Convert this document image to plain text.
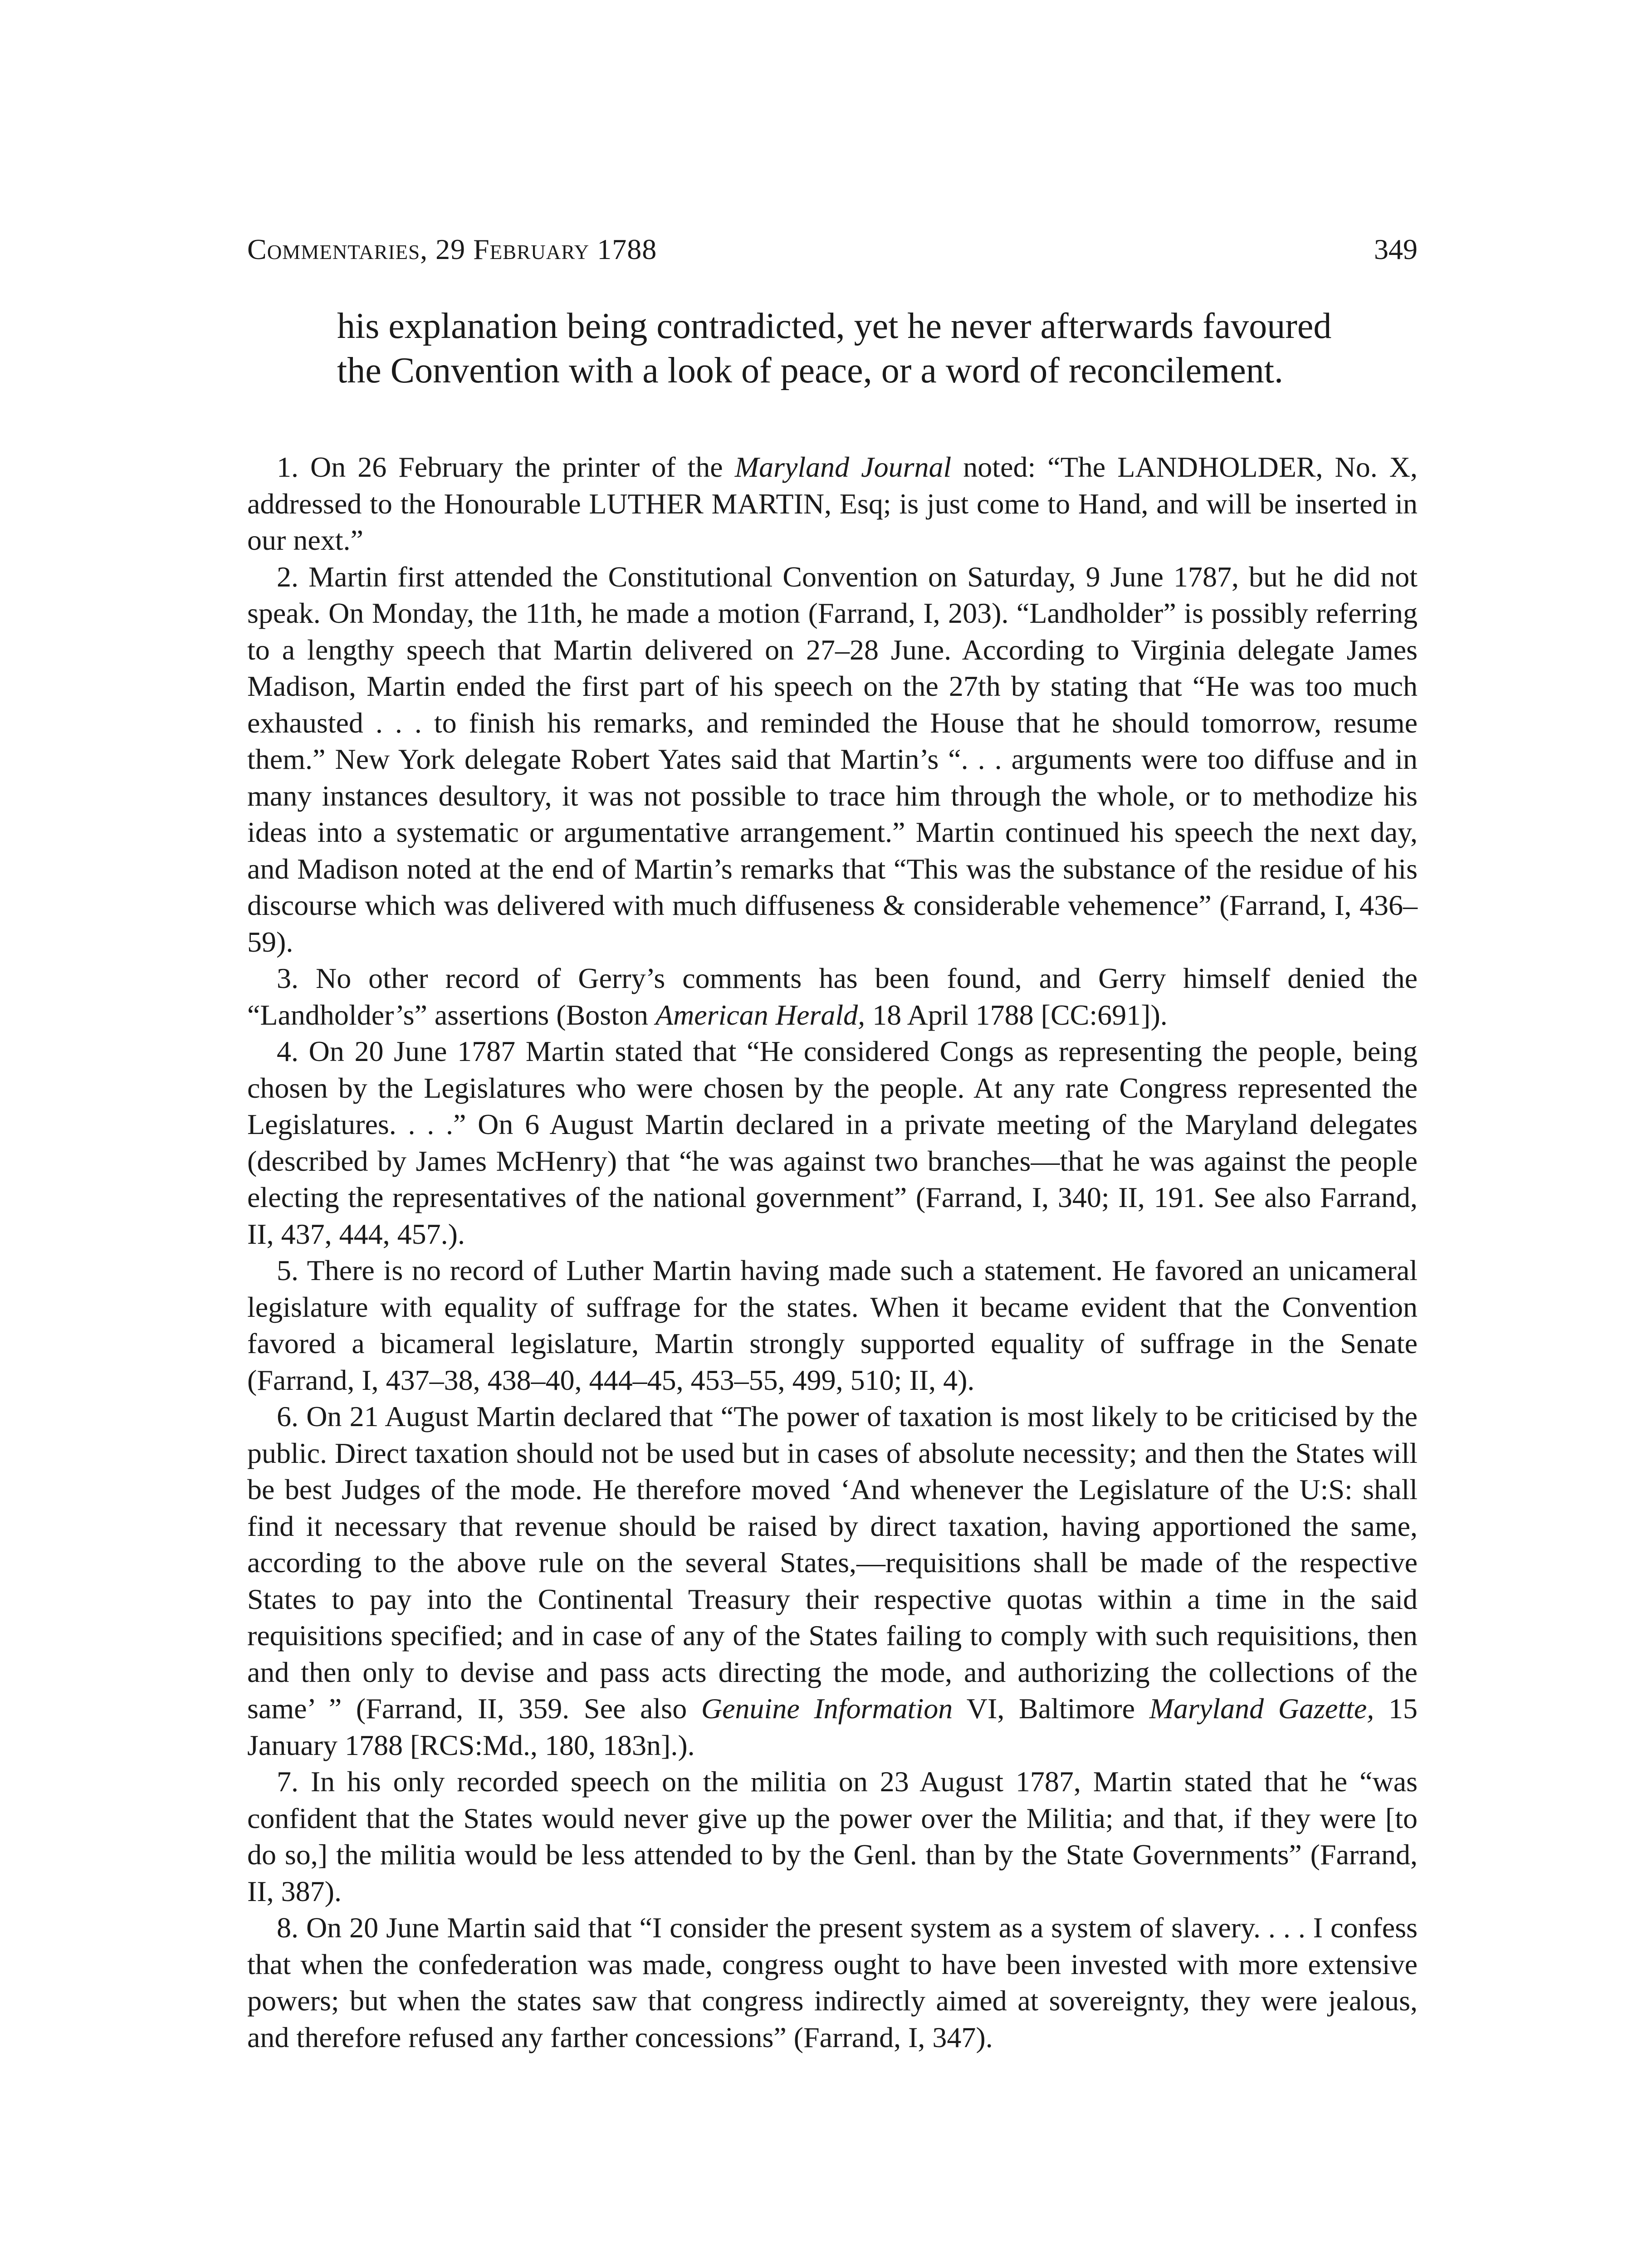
Commentaries, 29 February 1788	349
his explanation being contradicted, yet he never afterwards favoured the Convention with a look of peace, or a word of reconcilement.

1. On 26 February the printer of the Maryland Journal noted: “The LANDHOLDER, No. X, addressed to the Honourable LUTHER MARTIN, Esq; is just come to Hand, and will be inserted in our next.”

2. Martin first attended the Constitutional Convention on Saturday, 9 June 1787, but he did not speak. On Monday, the 11th, he made a motion (Farrand, I, 203). “Landholder” is possibly referring to a lengthy speech that Martin delivered on 27–28 June. According to Virginia delegate James Madison, Martin ended the first part of his speech on the 27th by stating that “He was too much exhausted . . . to finish his remarks, and reminded the House that he should tomorrow, resume them.” New York delegate Robert Yates said that Martin’s “. . . arguments were too diffuse and in many instances desultory, it was not possible to trace him through the whole, or to methodize his ideas into a systematic or argumentative arrangement.” Martin continued his speech the next day, and Madison noted at the end of Martin’s remarks that “This was the substance of the residue of his discourse which was delivered with much diffuseness & considerable vehemence” (Farrand, I, 436–59).

3. No other record of Gerry’s comments has been found, and Gerry himself denied the “Landholder’s” assertions (Boston American Herald, 18 April 1788 [CC:691]).

4. On 20 June 1787 Martin stated that “He considered Congs as representing the people, being chosen by the Legislatures who were chosen by the people. At any rate Congress represented the Legislatures. . . .” On 6 August Martin declared in a private meeting of the Maryland delegates (described by James McHenry) that “he was against two branches—that he was against the people electing the representatives of the national government” (Farrand, I, 340; II, 191. See also Farrand, II, 437, 444, 457.).

5. There is no record of Luther Martin having made such a statement. He favored an unicameral legislature with equality of suffrage for the states. When it became evident that the Convention favored a bicameral legislature, Martin strongly supported equality of suffrage in the Senate (Farrand, I, 437–38, 438–40, 444–45, 453–55, 499, 510; II, 4).

6. On 21 August Martin declared that “The power of taxation is most likely to be criticised by the public. Direct taxation should not be used but in cases of absolute necessity; and then the States will be best Judges of the mode. He therefore moved ‘And whenever the Legislature of the U:S: shall find it necessary that revenue should be raised by direct taxation, having apportioned the same, according to the above rule on the several States,—requisitions shall be made of the respective States to pay into the Continental Treasury their respective quotas within a time in the said requisitions specified; and in case of any of the States failing to comply with such requisitions, then and then only to devise and pass acts directing the mode, and authorizing the collections of the same’ ” (Farrand, II, 359. See also Genuine Information VI, Baltimore Maryland Gazette, 15 January 1788 [RCS:Md., 180, 183n].).

7. In his only recorded speech on the militia on 23 August 1787, Martin stated that he “was confident that the States would never give up the power over the Militia; and that, if they were [to do so,] the militia would be less attended to by the Genl. than by the State Governments” (Farrand, II, 387).

8. On 20 June Martin said that “I consider the present system as a system of slavery. . . . I confess that when the confederation was made, congress ought to have been invested with more extensive powers; but when the states saw that congress indirectly aimed at sovereignty, they were jealous, and therefore refused any farther concessions” (Farrand, I, 347).
